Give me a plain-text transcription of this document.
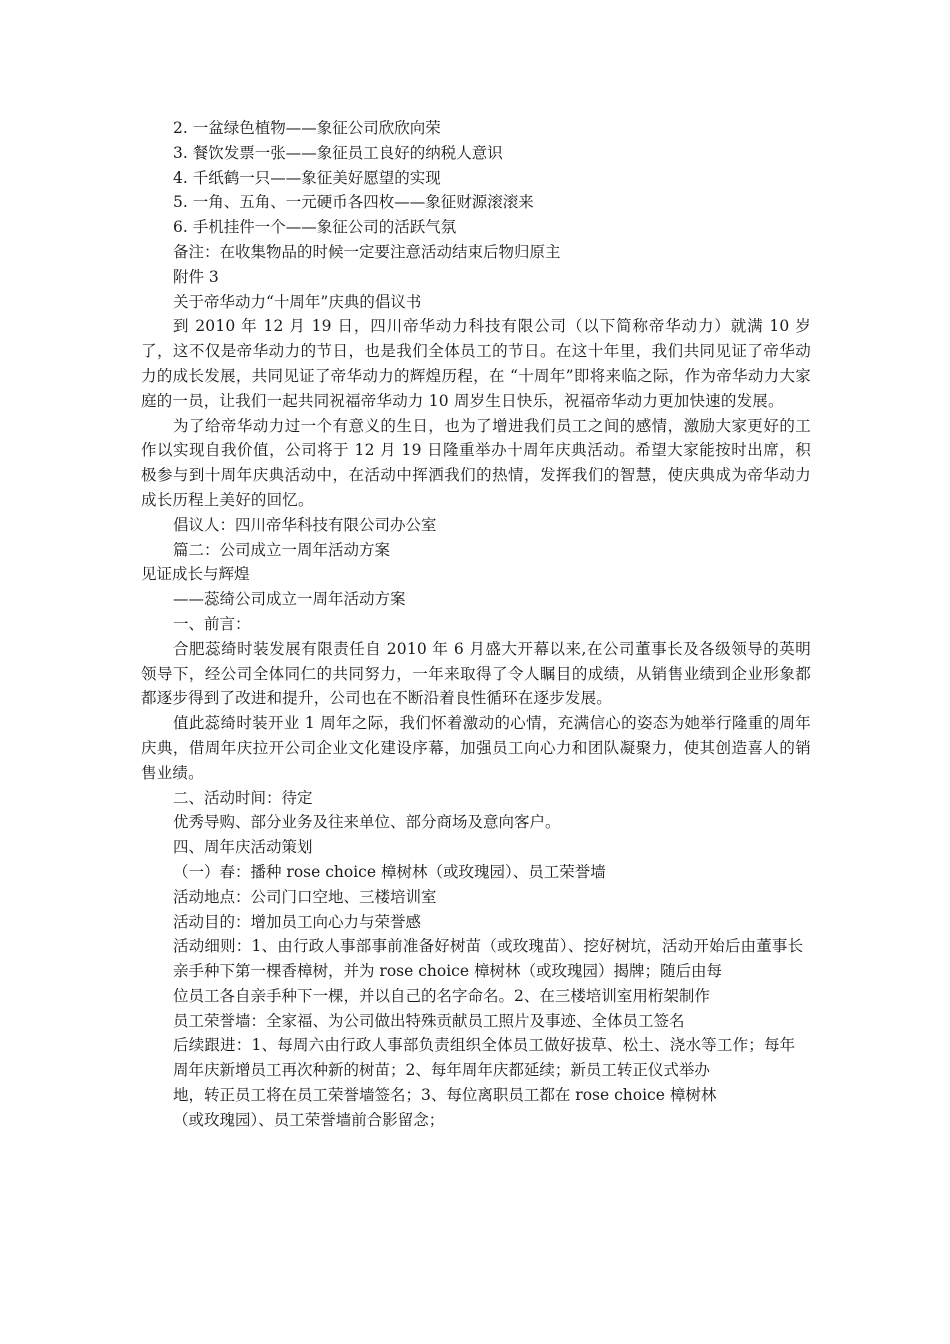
2. 一盆绿色植物——象征公司欣欣向荣

3. 餐饮发票一张——象征员工良好的纳税人意识

4. 千纸鹤一只——象征美好愿望的实现

5. 一角、五角、一元硬币各四枚——象征财源滚滚来

6. 手机挂件一个——象征公司的活跃气氛

备注：在收集物品的时候一定要注意活动结束后物归原主

附件 3

关于帝华动力“十周年”庆典的倡议书

到 2010 年 12 月 19 日，四川帝华动力科技有限公司（以下简称帝华动力）就满 10 岁了，这不仅是帝华动力的节日，也是我们全体员工的节日。在这十年里，我们共同见证了帝华动力的成长发展，共同见证了帝华动力的辉煌历程，在 “十周年”即将来临之际，作为帝华动力大家庭的一员，让我们一起共同祝福帝华动力 10 周岁生日快乐，祝福帝华动力更加快速的发展。

为了给帝华动力过一个有意义的生日，也为了增进我们员工之间的感情，激励大家更好的工作以实现自我价值，公司将于 12 月 19 日隆重举办十周年庆典活动。希望大家能按时出席，积极参与到十周年庆典活动中，在活动中挥洒我们的热情，发挥我们的智慧，使庆典成为帝华动力成长历程上美好的回忆。

倡议人：四川帝华科技有限公司办公室

篇二：公司成立一周年活动方案

见证成长与辉煌

——蕊绮公司成立一周年活动方案

一、前言：

合肥蕊绮时装发展有限责任自 2010 年 6 月盛大开幕以来,在公司董事长及各级领导的英明领导下，经公司全体同仁的共同努力，一年来取得了令人瞩目的成绩，从销售业绩到企业形象都都逐步得到了改进和提升，公司也在不断沿着良性循环在逐步发展。

值此蕊绮时装开业 1 周年之际，我们怀着激动的心情，充满信心的姿态为她举行隆重的周年庆典，借周年庆拉开公司企业文化建设序幕，加强员工向心力和团队凝聚力，使其创造喜人的销售业绩。

二、活动时间：待定

优秀导购、部分业务及往来单位、部分商场及意向客户。

四、周年庆活动策划

（一）春：播种 rose choice 樟树林（或玫瑰园）、员工荣誉墙

活动地点：公司门口空地、三楼培训室

活动目的：增加员工向心力与荣誉感

活动细则：1、由行政人事部事前准备好树苗（或玫瑰苗）、挖好树坑，活动开始后由董事长

亲手种下第一棵香樟树，并为 rose choice 樟树林（或玫瑰园）揭牌；随后由每

位员工各自亲手种下一棵，并以自己的名字命名。2、在三楼培训室用桁架制作

员工荣誉墙：全家福、为公司做出特殊贡献员工照片及事迹、全体员工签名

后续跟进：1、每周六由行政人事部负责组织全体员工做好拔草、松土、浇水等工作；每年

周年庆新增员工再次种新的树苗；2、每年周年庆都延续；新员工转正仪式举办

地，转正员工将在员工荣誉墙签名；3、每位离职员工都在 rose choice 樟树林

（或玫瑰园）、员工荣誉墙前合影留念；
